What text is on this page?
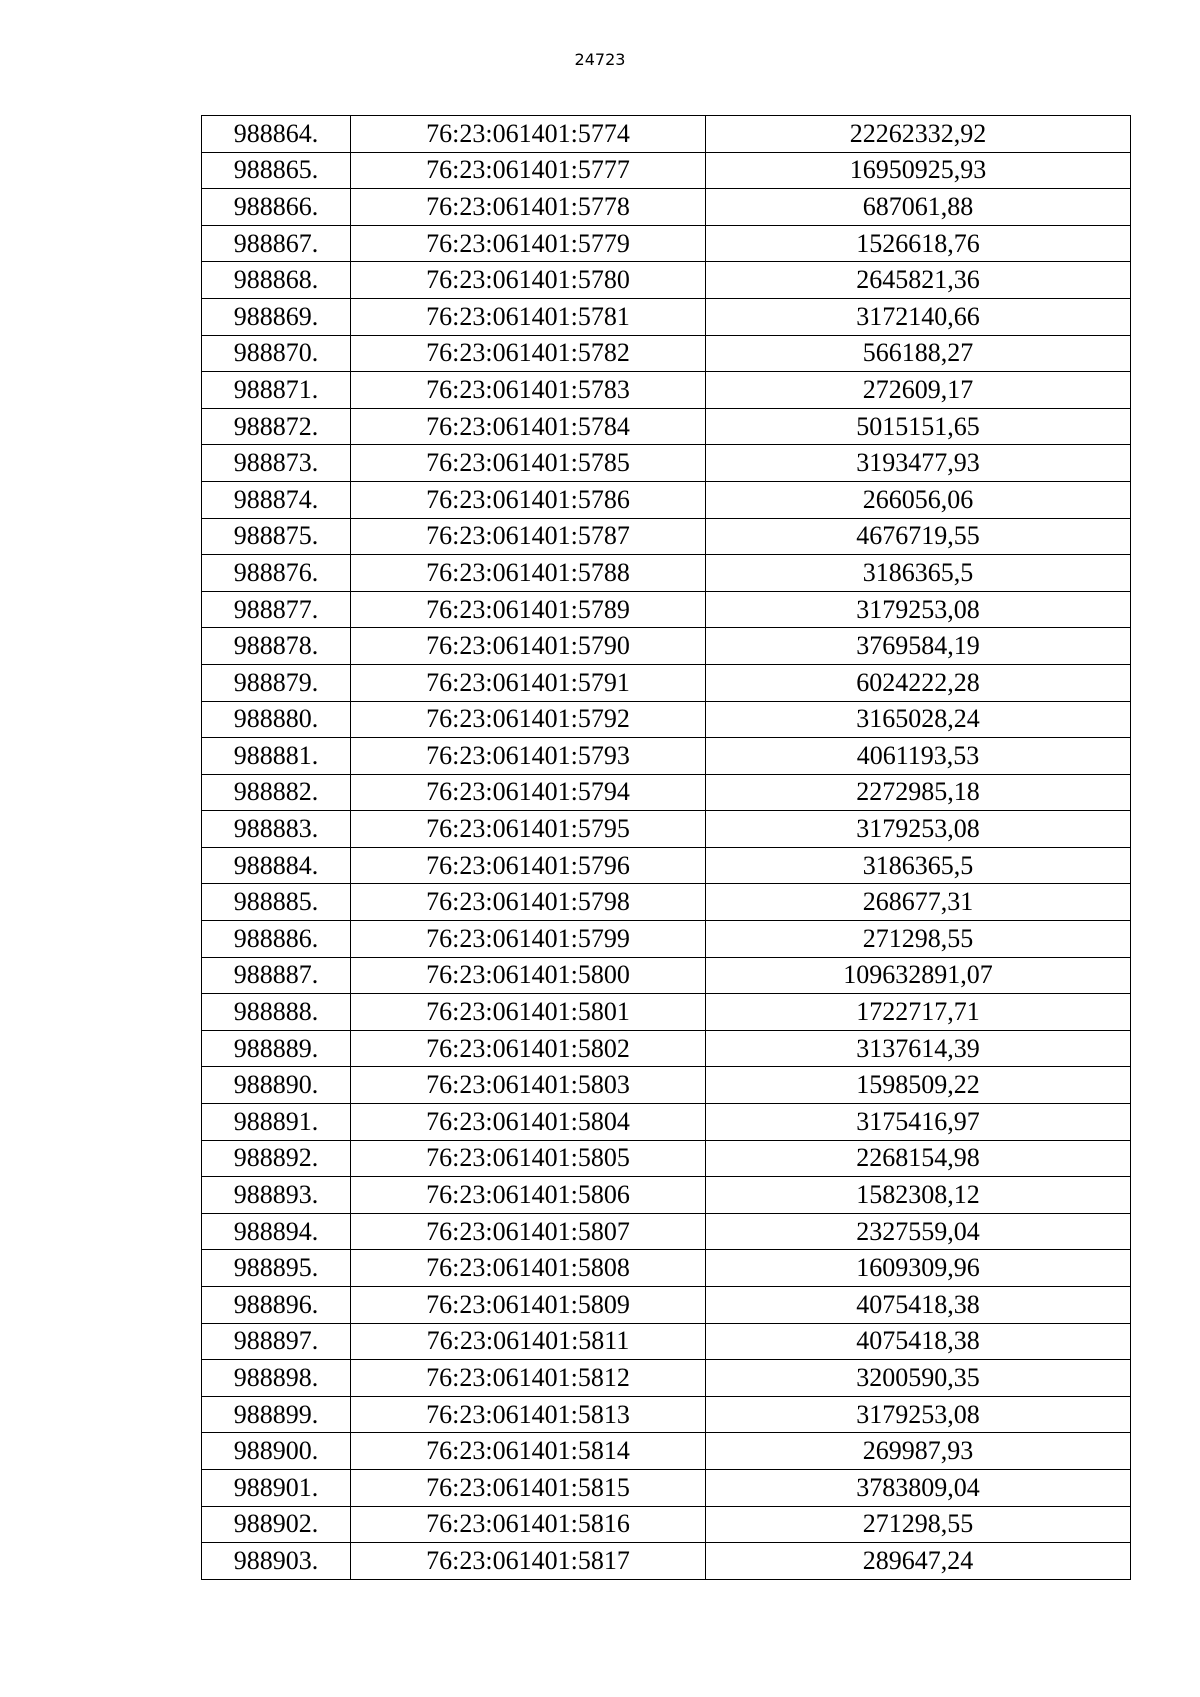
24723
988864.	76:23:061401:5774	22262332,92
988865.	76:23:061401:5777	16950925,93
988866.	76:23:061401:5778	687061,88
988867.	76:23:061401:5779	1526618,76
988868.	76:23:061401:5780	2645821,36
988869.	76:23:061401:5781	3172140,66
988870.	76:23:061401:5782	566188,27
988871.	76:23:061401:5783	272609,17
988872.	76:23:061401:5784	5015151,65
988873.	76:23:061401:5785	3193477,93
988874.	76:23:061401:5786	266056,06
988875.	76:23:061401:5787	4676719,55
988876.	76:23:061401:5788	3186365,5
988877.	76:23:061401:5789	3179253,08
988878.	76:23:061401:5790	3769584,19
988879.	76:23:061401:5791	6024222,28
988880.	76:23:061401:5792	3165028,24
988881.	76:23:061401:5793	4061193,53
988882.	76:23:061401:5794	2272985,18
988883.	76:23:061401:5795	3179253,08
988884.	76:23:061401:5796	3186365,5
988885.	76:23:061401:5798	268677,31
988886.	76:23:061401:5799	271298,55
988887.	76:23:061401:5800	109632891,07
988888.	76:23:061401:5801	1722717,71
988889.	76:23:061401:5802	3137614,39
988890.	76:23:061401:5803	1598509,22
988891.	76:23:061401:5804	3175416,97
988892.	76:23:061401:5805	2268154,98
988893.	76:23:061401:5806	1582308,12
988894.	76:23:061401:5807	2327559,04
988895.	76:23:061401:5808	1609309,96
988896.	76:23:061401:5809	4075418,38
988897.	76:23:061401:5811	4075418,38
988898.	76:23:061401:5812	3200590,35
988899.	76:23:061401:5813	3179253,08
988900.	76:23:061401:5814	269987,93
988901.	76:23:061401:5815	3783809,04
988902.	76:23:061401:5816	271298,55
988903.	76:23:061401:5817	289647,24
